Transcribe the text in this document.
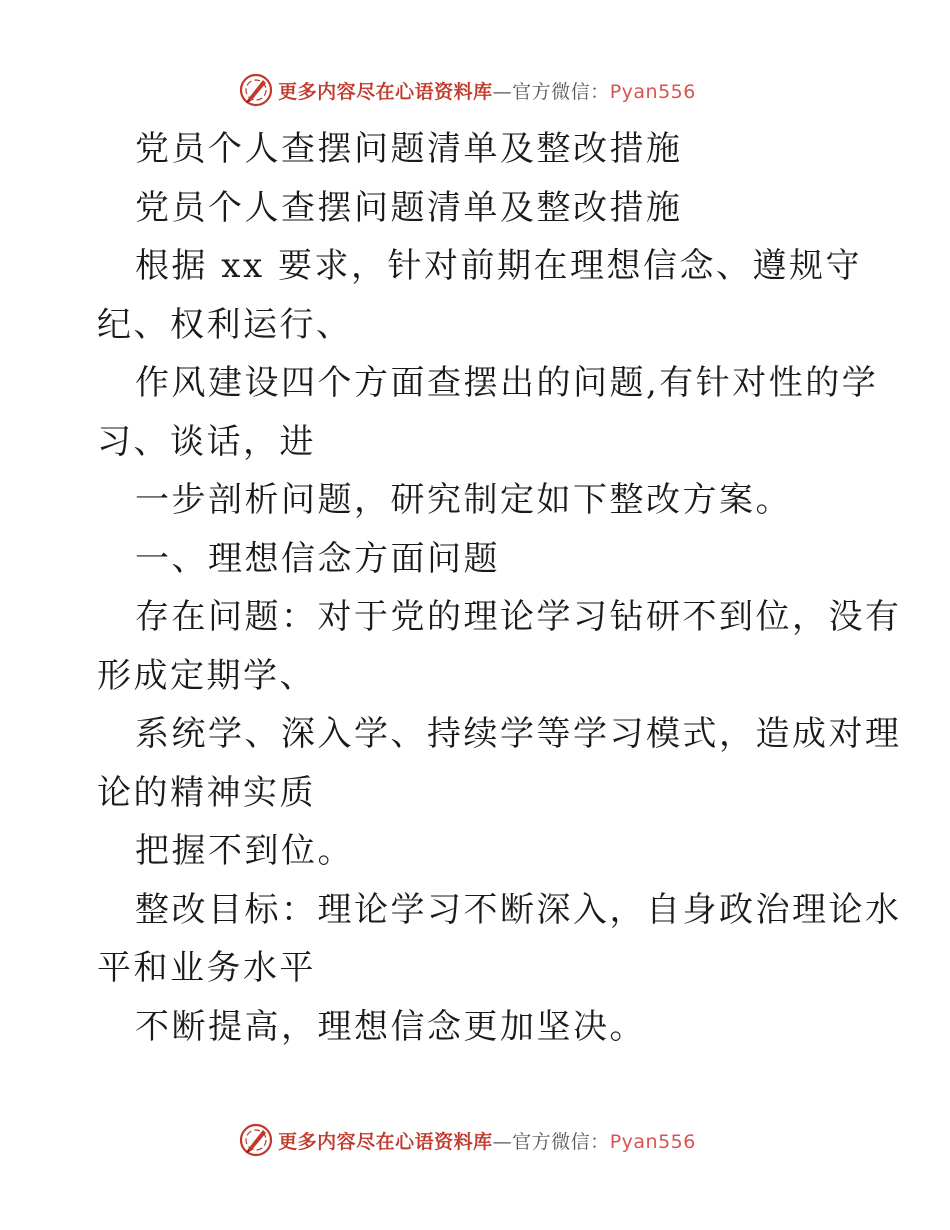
更多内容尽在心语资料库—官方微信：Pyan556
党员个人查摆问题清单及整改措施
党员个人查摆问题清单及整改措施
根据 xx 要求，针对前期在理想信念、遵规守
纪、权利运行、
作风建设四个方面查摆出的问题,有针对性的学
习、谈话，进
一步剖析问题，研究制定如下整改方案。
一、理想信念方面问题
存在问题：对于党的理论学习钻研不到位，没有
形成定期学、
系统学、深入学、持续学等学习模式，造成对理
论的精神实质
把握不到位。
整改目标：理论学习不断深入，自身政治理论水
平和业务水平
不断提高，理想信念更加坚决。
更多内容尽在心语资料库—官方微信：Pyan556
